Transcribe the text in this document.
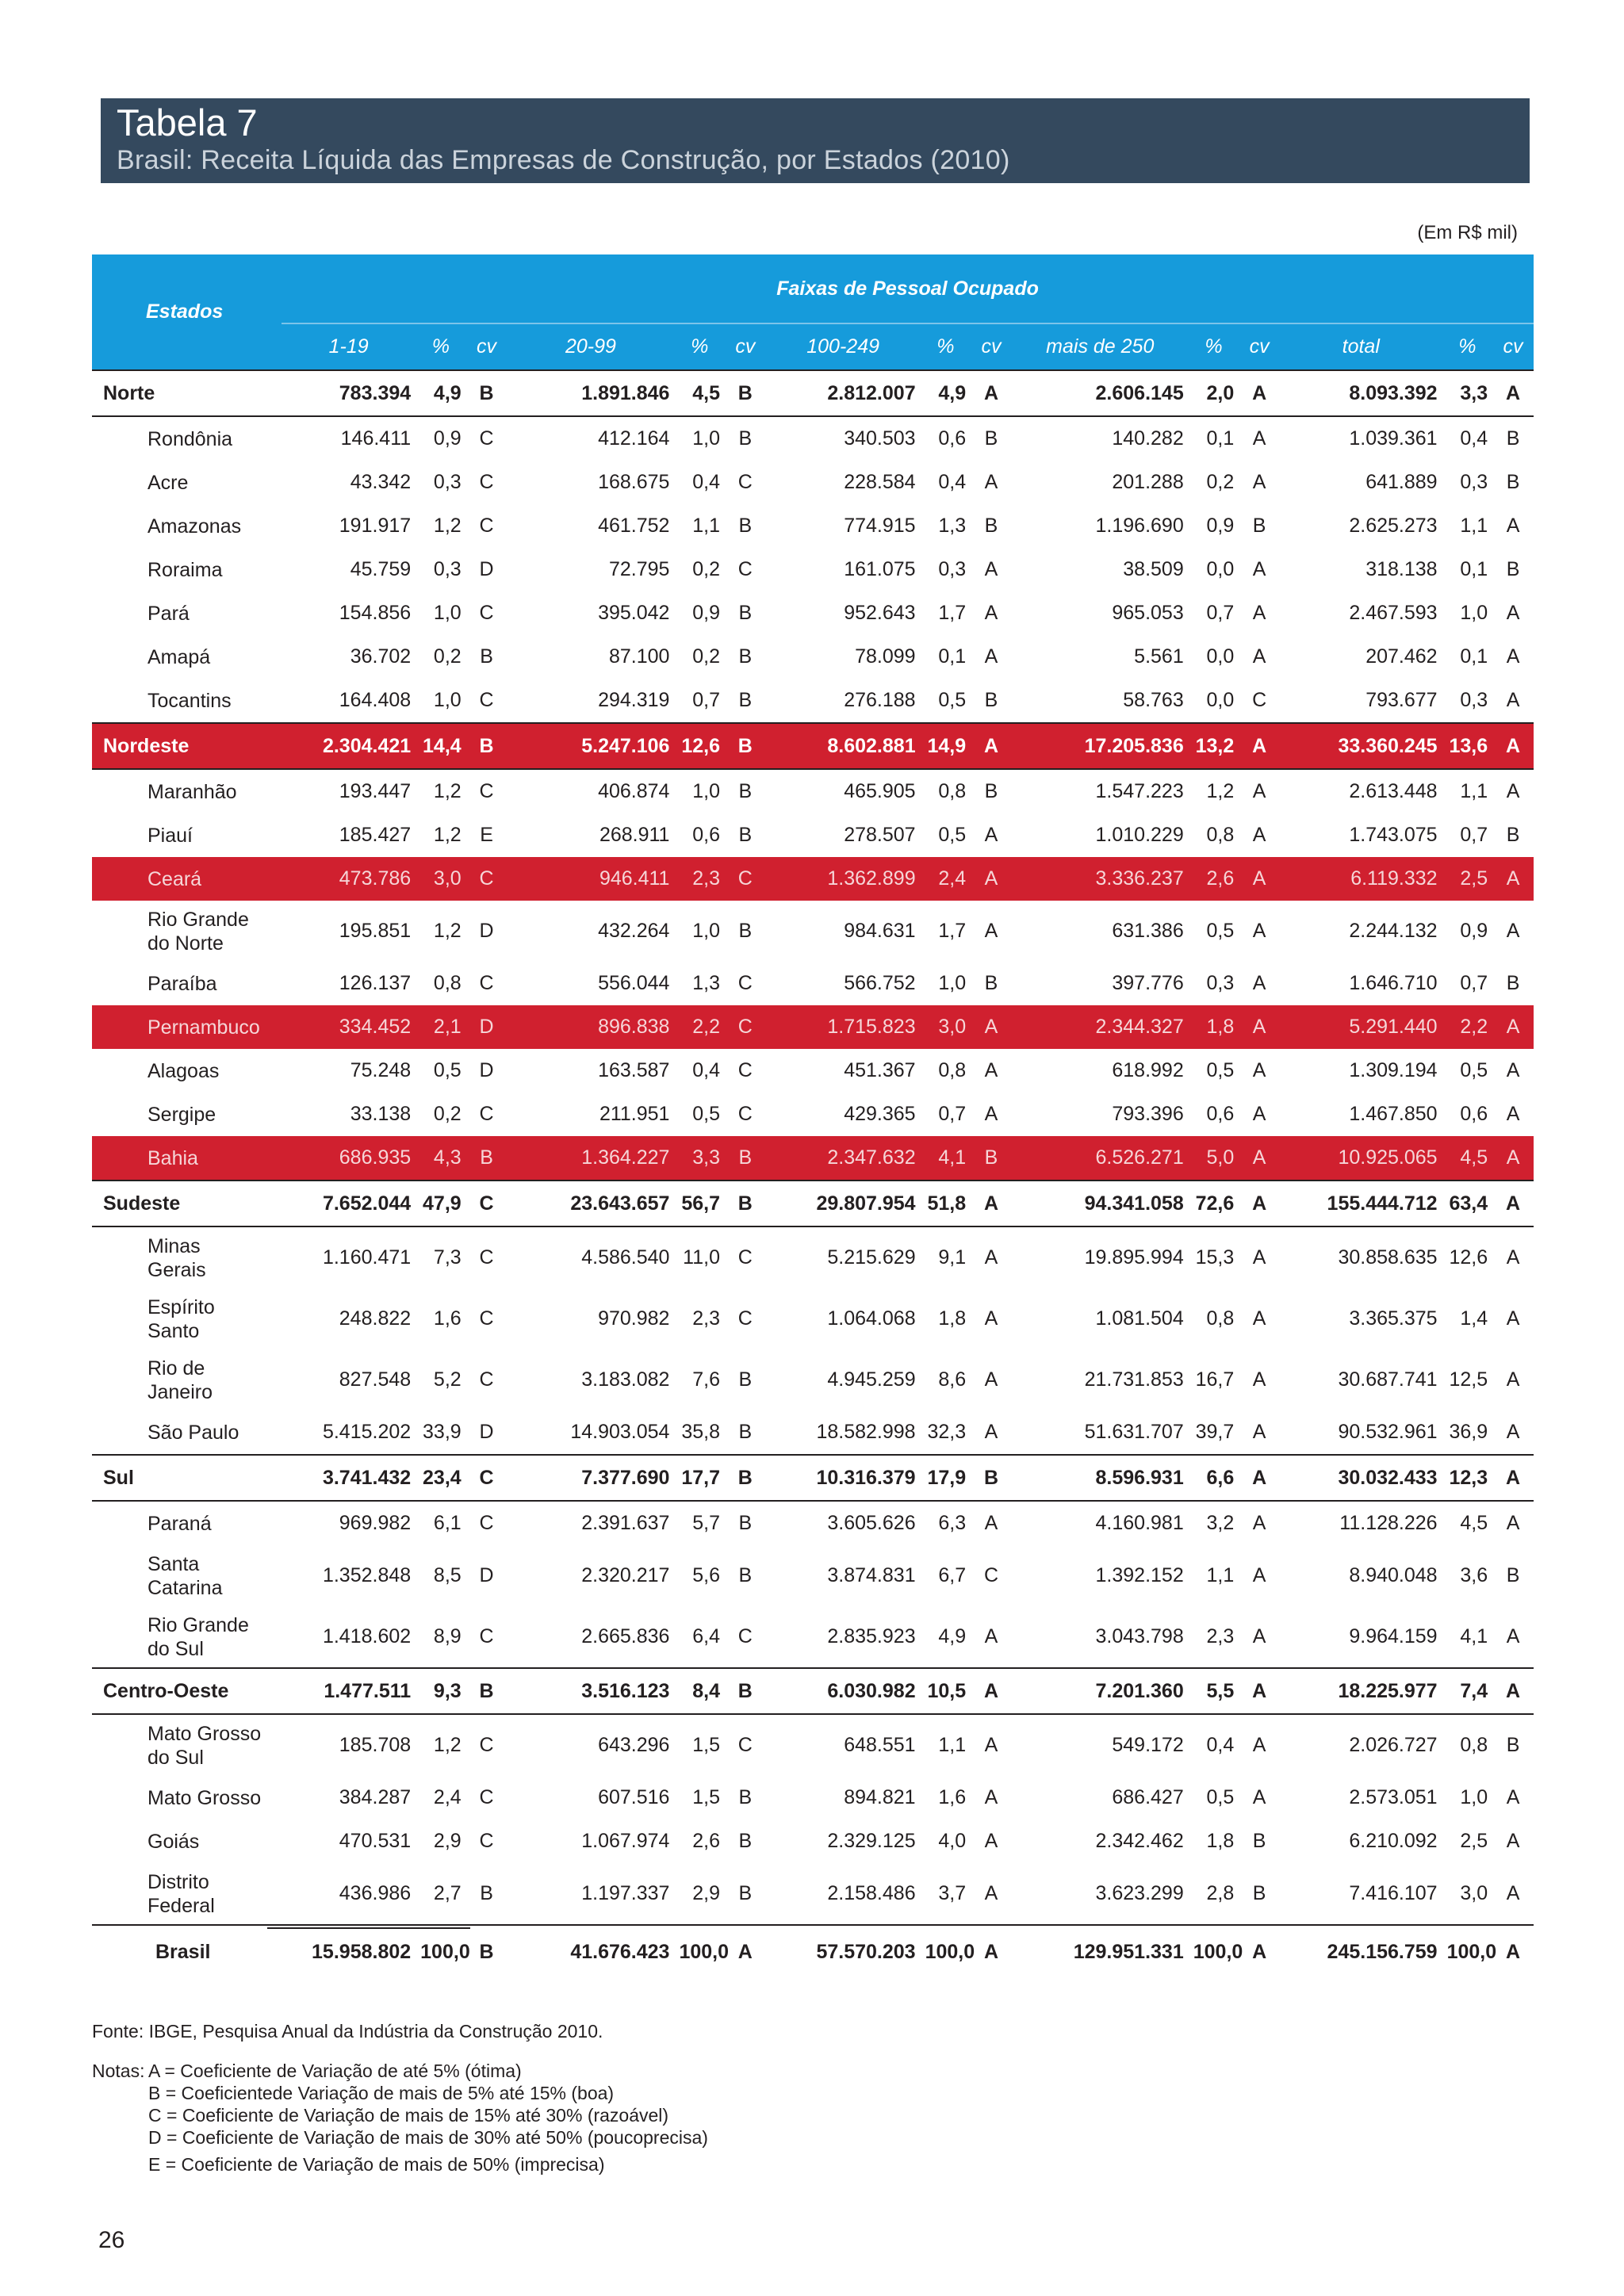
Tabela 7
Brasil: Receita Líquida das Empresas de Construção, por Estados (2010)
(Em R$ mil)
Estados	Faixas de Pessoal Ocupado														
	1-19	%	cv	20-99	%	cv	100-249	%	cv	mais de 250	%	cv	total	%	cv
Norte	783.394	4,9	B	1.891.846	4,5	B	2.812.007	4,9	A	2.606.145	2,0	A	8.093.392	3,3	A
Rondônia	146.411	0,9	C	412.164	1,0	B	340.503	0,6	B	140.282	0,1	A	1.039.361	0,4	B
Acre	43.342	0,3	C	168.675	0,4	C	228.584	0,4	A	201.288	0,2	A	641.889	0,3	B
Amazonas	191.917	1,2	C	461.752	1,1	B	774.915	1,3	B	1.196.690	0,9	B	2.625.273	1,1	A
Roraima	45.759	0,3	D	72.795	0,2	C	161.075	0,3	A	38.509	0,0	A	318.138	0,1	B
Pará	154.856	1,0	C	395.042	0,9	B	952.643	1,7	A	965.053	0,7	A	2.467.593	1,0	A
Amapá	36.702	0,2	B	87.100	0,2	B	78.099	0,1	A	5.561	0,0	A	207.462	0,1	A
Tocantins	164.408	1,0	C	294.319	0,7	B	276.188	0,5	B	58.763	0,0	C	793.677	0,3	A
Nordeste	2.304.421	14,4	B	5.247.106	12,6	B	8.602.881	14,9	A	17.205.836	13,2	A	33.360.245	13,6	A
Maranhão	193.447	1,2	C	406.874	1,0	B	465.905	0,8	B	1.547.223	1,2	A	2.613.448	1,1	A
Piauí	185.427	1,2	E	268.911	0,6	B	278.507	0,5	A	1.010.229	0,8	A	1.743.075	0,7	B
Ceará	473.786	3,0	C	946.411	2,3	C	1.362.899	2,4	A	3.336.237	2,6	A	6.119.332	2,5	A
Rio Grande
do Norte	195.851	1,2	D	432.264	1,0	B	984.631	1,7	A	631.386	0,5	A	2.244.132	0,9	A
Paraíba	126.137	0,8	C	556.044	1,3	C	566.752	1,0	B	397.776	0,3	A	1.646.710	0,7	B
Pernambuco	334.452	2,1	D	896.838	2,2	C	1.715.823	3,0	A	2.344.327	1,8	A	5.291.440	2,2	A
Alagoas	75.248	0,5	D	163.587	0,4	C	451.367	0,8	A	618.992	0,5	A	1.309.194	0,5	A
Sergipe	33.138	0,2	C	211.951	0,5	C	429.365	0,7	A	793.396	0,6	A	1.467.850	0,6	A
Bahia	686.935	4,3	B	1.364.227	3,3	B	2.347.632	4,1	B	6.526.271	5,0	A	10.925.065	4,5	A
Sudeste	7.652.044	47,9	C	23.643.657	56,7	B	29.807.954	51,8	A	94.341.058	72,6	A	155.444.712	63,4	A
Minas
Gerais	1.160.471	7,3	C	4.586.540	11,0	C	5.215.629	9,1	A	19.895.994	15,3	A	30.858.635	12,6	A
Espírito
Santo	248.822	1,6	C	970.982	2,3	C	1.064.068	1,8	A	1.081.504	0,8	A	3.365.375	1,4	A
Rio de
Janeiro	827.548	5,2	C	3.183.082	7,6	B	4.945.259	8,6	A	21.731.853	16,7	A	30.687.741	12,5	A
São Paulo	5.415.202	33,9	D	14.903.054	35,8	B	18.582.998	32,3	A	51.631.707	39,7	A	90.532.961	36,9	A
Sul	3.741.432	23,4	C	7.377.690	17,7	B	10.316.379	17,9	B	8.596.931	6,6	A	30.032.433	12,3	A
Paraná	969.982	6,1	C	2.391.637	5,7	B	3.605.626	6,3	A	4.160.981	3,2	A	11.128.226	4,5	A
Santa
Catarina	1.352.848	8,5	D	2.320.217	5,6	B	3.874.831	6,7	C	1.392.152	1,1	A	8.940.048	3,6	B
Rio Grande
do Sul	1.418.602	8,9	C	2.665.836	6,4	C	2.835.923	4,9	A	3.043.798	2,3	A	9.964.159	4,1	A
Centro-Oeste	1.477.511	9,3	B	3.516.123	8,4	B	6.030.982	10,5	A	7.201.360	5,5	A	18.225.977	7,4	A
Mato Grosso
do Sul	185.708	1,2	C	643.296	1,5	C	648.551	1,1	A	549.172	0,4	A	2.026.727	0,8	B
Mato Grosso	384.287	2,4	C	607.516	1,5	B	894.821	1,6	A	686.427	0,5	A	2.573.051	1,0	A
Goiás	470.531	2,9	C	1.067.974	2,6	B	2.329.125	4,0	A	2.342.462	1,8	B	6.210.092	2,5	A
Distrito
Federal	436.986	2,7	B	1.197.337	2,9	B	2.158.486	3,7	A	3.623.299	2,8	B	7.416.107	3,0	A
Brasil	15.958.802	100,0	B	41.676.423	100,0	A	57.570.203	100,0	A	129.951.331	100,0	A	245.156.759	100,0	A
Fonte: IBGE, Pesquisa Anual da Indústria da Construção 2010.
Notas: A = Coeficiente de Variação de até 5% (ótima)
B = Coeficientede Variação de mais de 5% até 15% (boa)
C = Coeficiente de Variação de mais de 15% até 30% (razoável)
D = Coeficiente de Variação de mais de 30% até 50% (poucoprecisa)
E = Coeficiente de Variação de mais de 50% (imprecisa)
26
